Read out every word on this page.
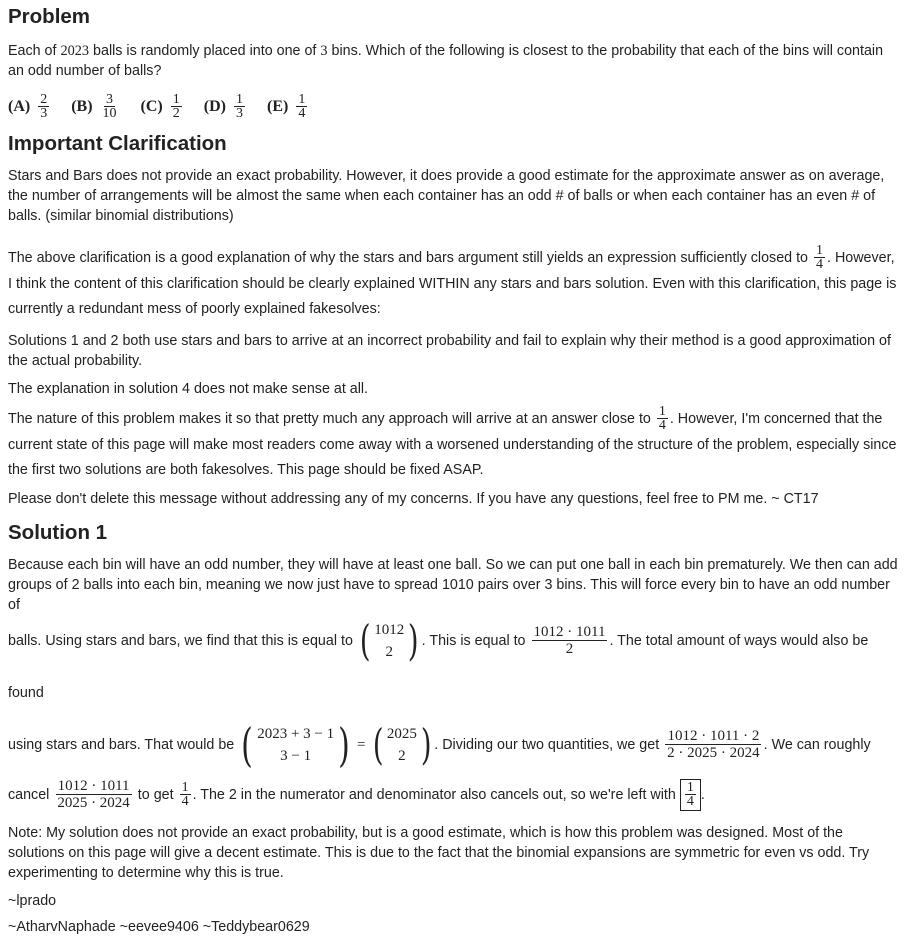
Problem

Each of 2023 balls is randomly placed into one of 3 bins. Which of the following is closest to the probability that each of the bins will contain an odd number of balls?

$(A) \frac{2}{3} (B) \frac{3}{10} (C) \frac{1}{2} (D) \frac{1}{3} (E) \frac{1}{4}$
Important Clarification

Stars and Bars does not provide an exact probability. However, it does provide a good estimate for the approximate answer as on average, the number of arrangements will be almost the same when each container has an odd # of balls or when each container has an even # of balls. (similar binomial distributions)

The above clarification is a good explanation of why the stars and bars argument still yields an expression sufficiently closed to $\frac{1}{4}$ . However, I think the content of this clarification should be clearly explained WITHIN any stars and bars solution. Even with this clarification, this page is currently a redundant mess of poorly explained fakesolves:

Solutions 1 and 2 both use stars and bars to arrive at an incorrect probability and fail to explain why their method is a good approximation of the actual probability.

The explanation in solution 4 does not make sense at all.

The nature of this problem makes it so that pretty much any approach will arrive at an answer close to $\frac{1}{4}$ . However, I'm concerned that the current state of this page will make most readers come away with a worsened understanding of the structure of the problem, especially since the first two solutions are both fakesolves. This page should be fixed ASAP.

Please don't delete this message without addressing any of my concerns. If you have any questions, feel free to PM me. ~ CT17

Solution 1

Because each bin will have an odd number, they will have at least one ball. So we can put one ball in each bin prematurely. We then can add groups of 2 balls into each bin, meaning we now just have to spread 1010 pairs over 3 bins. This will force every bin to have an odd number of

balls. Using stars and bars, we find that this is equal to ( 1012
2 ) . This is equal to $\frac{1012 \cdot 1011}{2}$ . The total amount of ways would also be found

using stars and bars. That would be ( 2023 + 3 − 1
3 − 1 ) = ( 2025
2 ) . Dividing our two quantities, we get $\frac{1012 \cdot 1011 \cdot 2}{2 \cdot 2025 \cdot 2024}$ . We can roughly

cancel $\frac{1012 \cdot 1011}{2025 \cdot 2024}$ to get $\frac{1}{4}$ . The 2 in the numerator and denominator also cancels out, so we're left with $\frac{1}{4}$ .

Note: My solution does not provide an exact probability, but is a good estimate, which is how this problem was designed. Most of the solutions on this page will give a decent estimate. This is due to the fact that the binomial expansions are symmetric for even vs odd. Try experimenting to determine why this is true.

~lprado

~AtharvNaphade ~eevee9406 ~Teddybear0629
